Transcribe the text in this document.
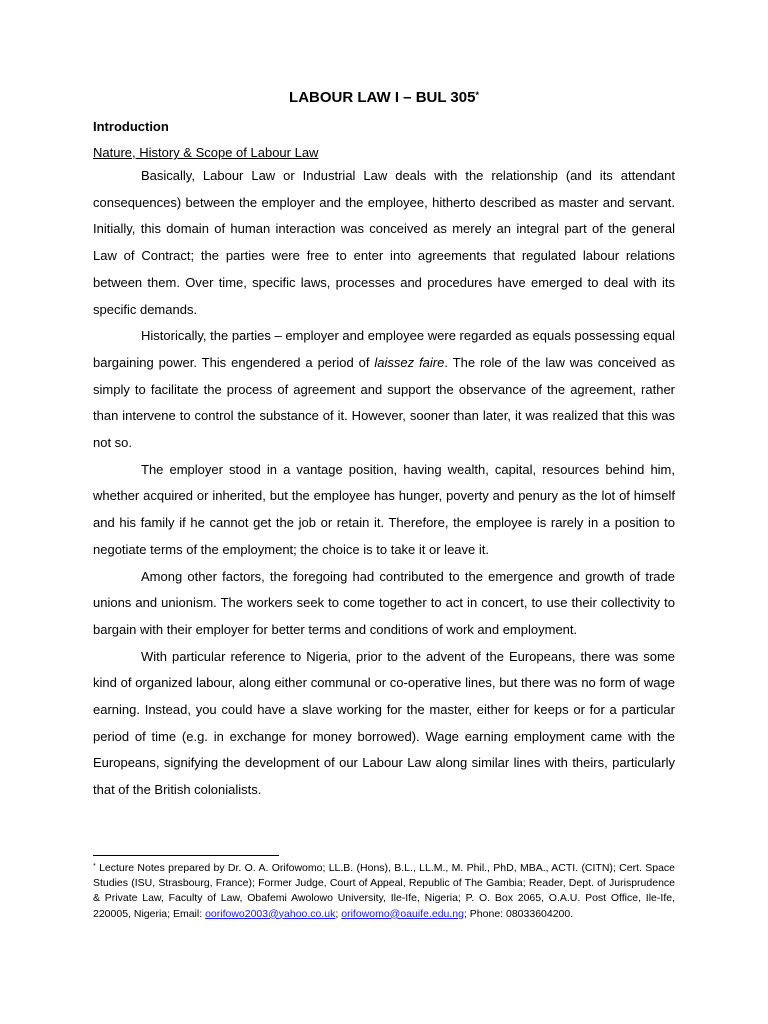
LABOUR LAW I – BUL 305*
Introduction
Nature, History & Scope of Labour Law

Basically, Labour Law or Industrial Law deals with the relationship (and its attendant consequences) between the employer and the employee, hitherto described as master and servant. Initially, this domain of human interaction was conceived as merely an integral part of the general Law of Contract; the parties were free to enter into agreements that regulated labour relations between them. Over time, specific laws, processes and procedures have emerged to deal with its specific demands.

Historically, the parties – employer and employee were regarded as equals possessing equal bargaining power. This engendered a period of laissez faire. The role of the law was conceived as simply to facilitate the process of agreement and support the observance of the agreement, rather than intervene to control the substance of it. However, sooner than later, it was realized that this was not so.

The employer stood in a vantage position, having wealth, capital, resources behind him, whether acquired or inherited, but the employee has hunger, poverty and penury as the lot of himself and his family if he cannot get the job or retain it. Therefore, the employee is rarely in a position to negotiate terms of the employment; the choice is to take it or leave it.

Among other factors, the foregoing had contributed to the emergence and growth of trade unions and unionism. The workers seek to come together to act in concert, to use their collectivity to bargain with their employer for better terms and conditions of work and employment.

With particular reference to Nigeria, prior to the advent of the Europeans, there was some kind of organized labour, along either communal or co-operative lines, but there was no form of wage earning. Instead, you could have a slave working for the master, either for keeps or for a particular period of time (e.g. in exchange for money borrowed). Wage earning employment came with the Europeans, signifying the development of our Labour Law along similar lines with theirs, particularly that of the British colonialists.

* Lecture Notes prepared by Dr. O. A. Orifowomo; LL.B. (Hons), B.L., LL.M., M. Phil., PhD, MBA., ACTI. (CITN); Cert. Space Studies (ISU, Strasbourg, France); Former Judge, Court of Appeal, Republic of The Gambia; Reader, Dept. of Jurisprudence & Private Law, Faculty of Law, Obafemi Awolowo University, Ile-Ife, Nigeria; P. O. Box 2065, O.A.U. Post Office, Ile-Ife, 220005, Nigeria; Email: oorifowo2003@yahoo.co.uk; orifowomo@oauife.edu.ng; Phone: 08033604200.
